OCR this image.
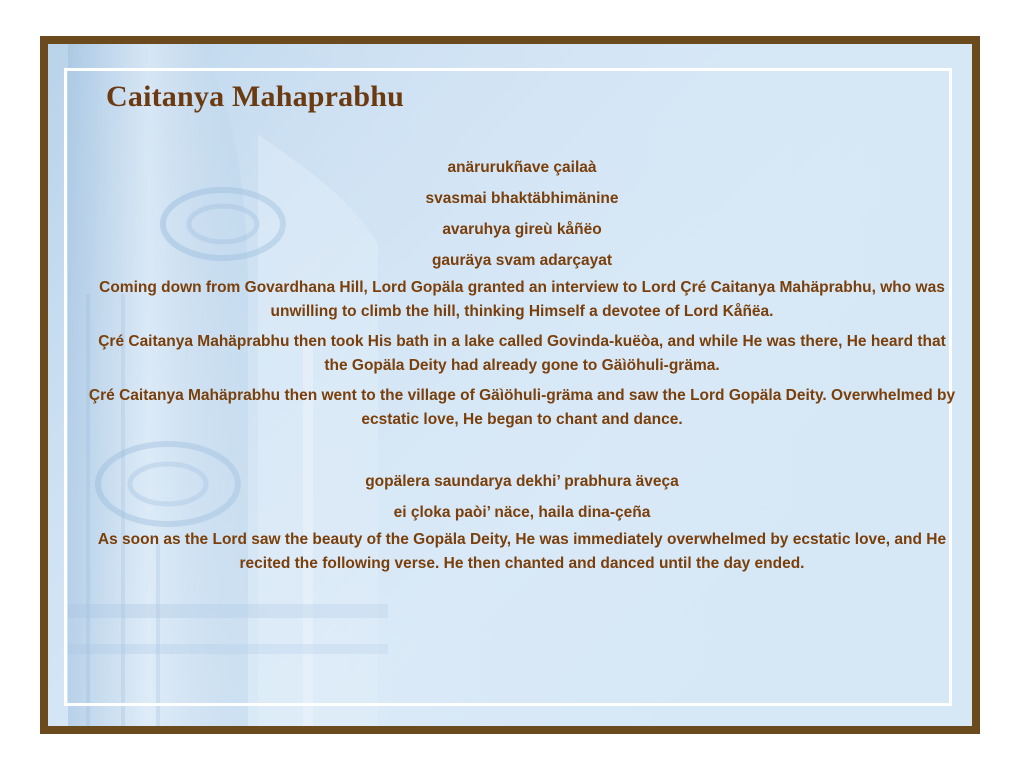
Caitanya Mahaprabhu

anärurukñave çailaà

svasmai bhaktäbhimänine

avaruhya gireù kåñëo

gauräya svam adarçayat

Coming down from Govardhana Hill, Lord Gopäla granted an interview to Lord Çré Caitanya Mahäprabhu, who was unwilling to climb the hill, thinking Himself a devotee of Lord Kåñëa.

Çré Caitanya Mahäprabhu then took His bath in a lake called Govinda-kuëòa, and while He was there, He heard that the Gopäla Deity had already gone to Gäìöhuli-gräma.

Çré Caitanya Mahäprabhu then went to the village of Gäìöhuli-gräma and saw the Lord Gopäla Deity. Overwhelmed by ecstatic love, He began to chant and dance.

gopälera saundarya dekhi’ prabhura äveça

ei çloka paòi’ näce, haila dina-çeña

As soon as the Lord saw the beauty of the Gopäla Deity, He was immediately overwhelmed by ecstatic love, and He recited the following verse. He then chanted and danced until the day ended.
